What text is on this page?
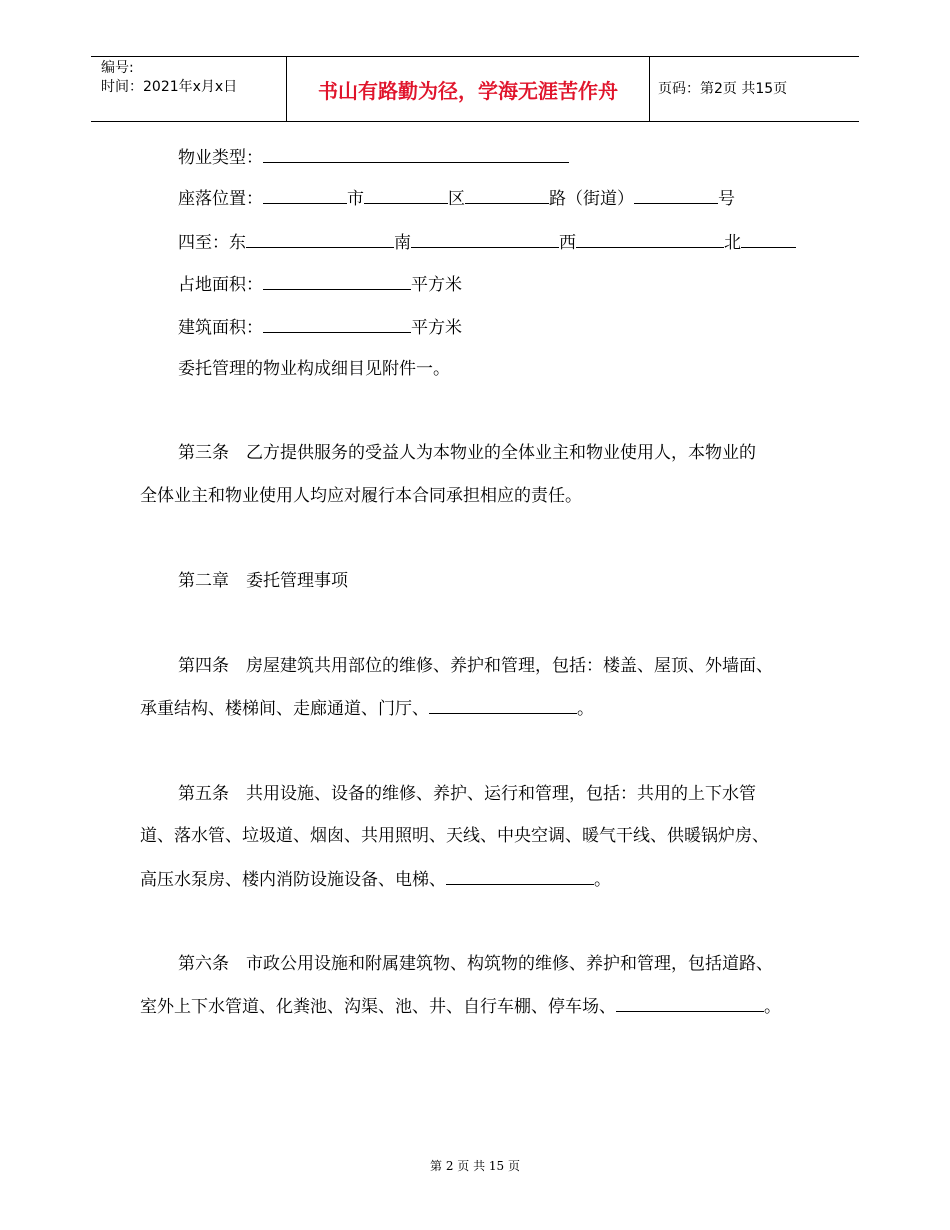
编号:
时间：2021年x月x日	书山有路勤为径，学海无涯苦作舟	页码：第2页 共15页
物业类型：
座落位置：	市	区	路（街道）	号
四至：东	南	西	北
占地面积：	平方米
建筑面积：	平方米
委托管理的物业构成细目见附件一。
第三条　乙方提供服务的受益人为本物业的全体业主和物业使用人，本物业的
全体业主和物业使用人均应对履行本合同承担相应的责任。
第二章　委托管理事项
第四条　房屋建筑共用部位的维修、养护和管理，包括：楼盖、屋顶、外墙面、
承重结构、楼梯间、走廊通道、门厅、	。
第五条　共用设施、设备的维修、养护、运行和管理，包括：共用的上下水管
道、落水管、垃圾道、烟囱、共用照明、天线、中央空调、暖气干线、供暖锅炉房、
高压水泵房、楼内消防设施设备、电梯、	。
第六条　市政公用设施和附属建筑物、构筑物的维修、养护和管理，包括道路、
室外上下水管道、化粪池、沟渠、池、井、自行车棚、停车场、	。
第 2 页 共 15 页
